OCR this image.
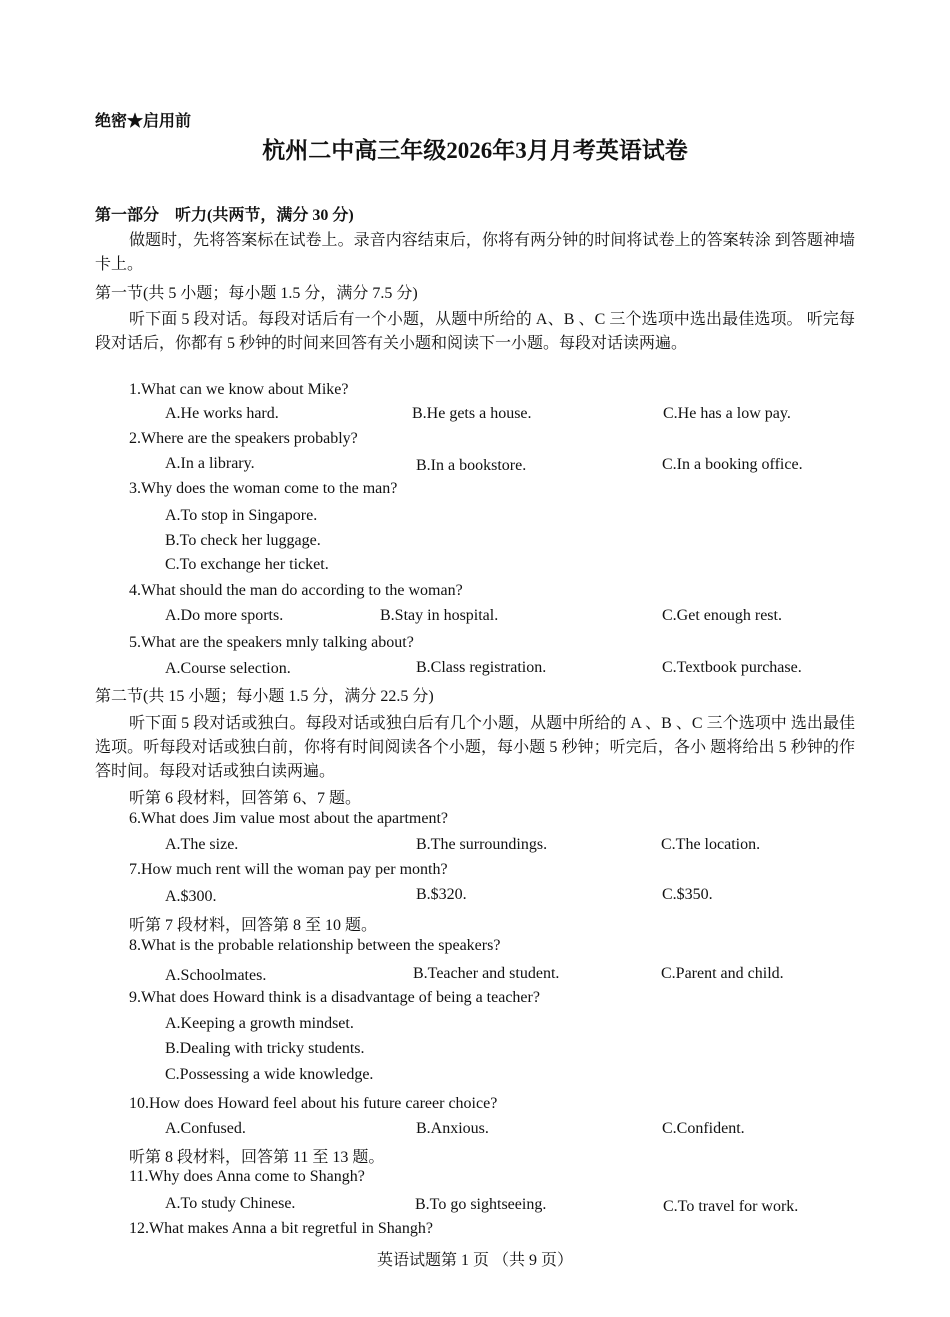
绝密★启用前
杭州二中高三年级2026年3月月考英语试卷
第一部分　听力(共两节，满分 30 分)
做题时，先将答案标在试卷上。录音内容结束后，你将有两分钟的时间将试卷上的答案转涂 到答题神墙卡上。
第一节(共 5 小题；每小题 1.5 分，满分 7.5 分)
听下面 5 段对话。每段对话后有一个小题，从题中所给的 A、B 、C 三个选项中选出最佳选项。 听完每段对话后，你都有 5 秒钟的时间来回答有关小题和阅读下一小题。每段对话读两遍。
1.What can we know about Mike?
A.He works hard.	B.He gets a house.	C.He has a low pay.
2.Where are the speakers probably?
A.In a library.	B.In a bookstore.	C.In a booking office.
3.Why does the woman come to the man?
A.To stop in Singapore.
B.To check her luggage.
C.To exchange her ticket.
4.What should the man do according to the woman?
A.Do more sports.	B.Stay in hospital.	C.Get enough rest.
5.What are the speakers mnly talking about?
A.Course selection.	B.Class registration.	C.Textbook purchase.
第二节(共 15 小题；每小题 1.5 分，满分 22.5 分)
听下面 5 段对话或独白。每段对话或独白后有几个小题，从题中所给的 A 、B 、C 三个选项中 选出最佳选项。听每段对话或独白前，你将有时间阅读各个小题，每小题 5 秒钟；听完后，各小 题将给出 5 秒钟的作答时间。每段对话或独白读两遍。
听第 6 段材料，回答第 6、7 题。
6.What does Jim value most about the apartment?
A.The size.	B.The surroundings.	C.The location.
7.How much rent will the woman pay per month?
A.$300.	B.$320.	C.$350.
听第 7 段材料，回答第 8 至 10 题。
8.What is the probable relationship between the speakers?
A.Schoolmates.	B.Teacher and student.	C.Parent and child.
9.What does Howard think is a disadvantage of being a teacher?
A.Keeping a growth mindset.
B.Dealing with tricky students.
C.Possessing a wide knowledge.
10.How does Howard feel about his future career choice?
A.Confused.	B.Anxious.	C.Confident.
听第 8 段材料，回答第 11 至 13 题。
11.Why does Anna come to Shangh?
A.To study Chinese.	B.To go sightseeing.	C.To travel for work.
12.What makes Anna a bit regretful in Shangh?
英语试题第 1 页 （共 9 页）
